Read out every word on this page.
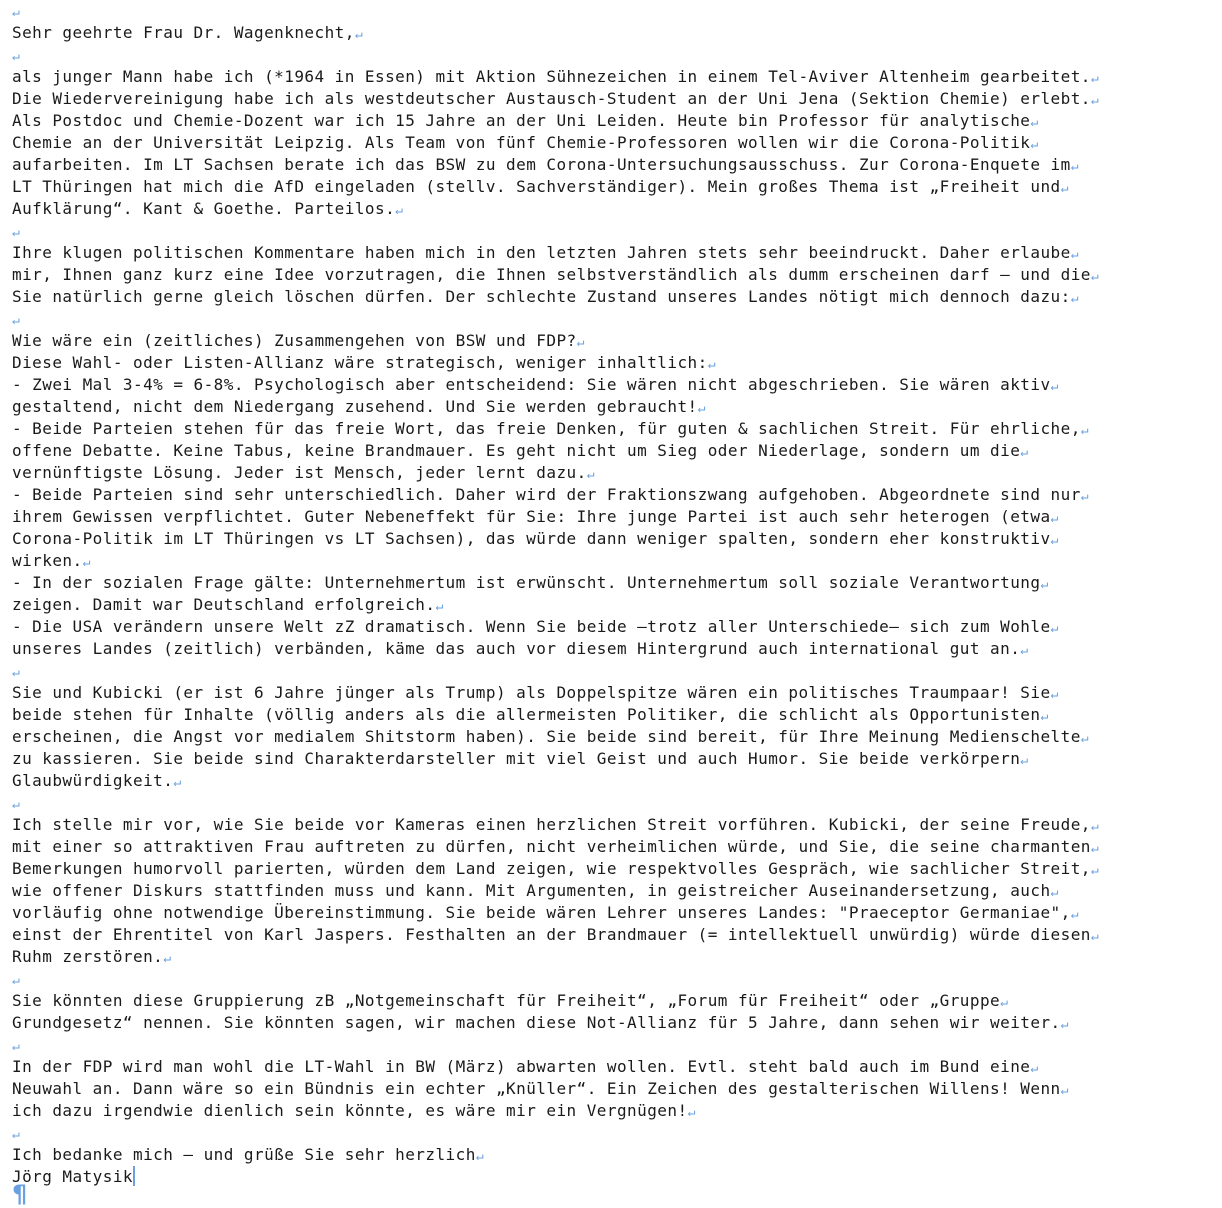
↵
Sehr geehrte Frau Dr. Wagenknecht,↵
↵
als junger Mann habe ich (*1964 in Essen) mit Aktion Sühnezeichen in einem Tel-Aviver Altenheim gearbeitet.↵
Die Wiedervereinigung habe ich als westdeutscher Austausch-Student an der Uni Jena (Sektion Chemie) erlebt.↵
Als Postdoc und Chemie-Dozent war ich 15 Jahre an der Uni Leiden. Heute bin Professor für analytische↵
Chemie an der Universität Leipzig. Als Team von fünf Chemie-Professoren wollen wir die Corona-Politik↵
aufarbeiten. Im LT Sachsen berate ich das BSW zu dem Corona-Untersuchungsausschuss. Zur Corona-Enquete im↵
LT Thüringen hat mich die AfD eingeladen (stellv. Sachverständiger). Mein großes Thema ist „Freiheit und↵
Aufklärung“. Kant & Goethe. Parteilos.↵
↵
Ihre klugen politischen Kommentare haben mich in den letzten Jahren stets sehr beeindruckt. Daher erlaube↵
mir, Ihnen ganz kurz eine Idee vorzutragen, die Ihnen selbstverständlich als dumm erscheinen darf – und die↵
Sie natürlich gerne gleich löschen dürfen. Der schlechte Zustand unseres Landes nötigt mich dennoch dazu:↵
↵
Wie wäre ein (zeitliches) Zusammengehen von BSW und FDP?↵
Diese Wahl- oder Listen-Allianz wäre strategisch, weniger inhaltlich:↵
- Zwei Mal 3-4% = 6-8%. Psychologisch aber entscheidend: Sie wären nicht abgeschrieben. Sie wären aktiv↵
gestaltend, nicht dem Niedergang zusehend. Und Sie werden gebraucht!↵
- Beide Parteien stehen für das freie Wort, das freie Denken, für guten & sachlichen Streit. Für ehrliche,↵
offene Debatte. Keine Tabus, keine Brandmauer. Es geht nicht um Sieg oder Niederlage, sondern um die↵
vernünftigste Lösung. Jeder ist Mensch, jeder lernt dazu.↵
- Beide Parteien sind sehr unterschiedlich. Daher wird der Fraktionszwang aufgehoben. Abgeordnete sind nur↵
ihrem Gewissen verpflichtet. Guter Nebeneffekt für Sie: Ihre junge Partei ist auch sehr heterogen (etwa↵
Corona-Politik im LT Thüringen vs LT Sachsen), das würde dann weniger spalten, sondern eher konstruktiv↵
wirken.↵
- In der sozialen Frage gälte: Unternehmertum ist erwünscht. Unternehmertum soll soziale Verantwortung↵
zeigen. Damit war Deutschland erfolgreich.↵
- Die USA verändern unsere Welt zZ dramatisch. Wenn Sie beide –trotz aller Unterschiede– sich zum Wohle↵
unseres Landes (zeitlich) verbänden, käme das auch vor diesem Hintergrund auch international gut an.↵
↵
Sie und Kubicki (er ist 6 Jahre jünger als Trump) als Doppelspitze wären ein politisches Traumpaar! Sie↵
beide stehen für Inhalte (völlig anders als die allermeisten Politiker, die schlicht als Opportunisten↵
erscheinen, die Angst vor medialem Shitstorm haben). Sie beide sind bereit, für Ihre Meinung Medienschelte↵
zu kassieren. Sie beide sind Charakterdarsteller mit viel Geist und auch Humor. Sie beide verkörpern↵
Glaubwürdigkeit.↵
↵
Ich stelle mir vor, wie Sie beide vor Kameras einen herzlichen Streit vorführen. Kubicki, der seine Freude,↵
mit einer so attraktiven Frau auftreten zu dürfen, nicht verheimlichen würde, und Sie, die seine charmanten↵
Bemerkungen humorvoll parierten, würden dem Land zeigen, wie respektvolles Gespräch, wie sachlicher Streit,↵
wie offener Diskurs stattfinden muss und kann. Mit Argumenten, in geistreicher Auseinandersetzung, auch↵
vorläufig ohne notwendige Übereinstimmung. Sie beide wären Lehrer unseres Landes: "Praeceptor Germaniae",↵
einst der Ehrentitel von Karl Jaspers. Festhalten an der Brandmauer (= intellektuell unwürdig) würde diesen↵
Ruhm zerstören.↵
↵
Sie könnten diese Gruppierung zB „Notgemeinschaft für Freiheit“, „Forum für Freiheit“ oder „Gruppe↵
Grundgesetz“ nennen. Sie könnten sagen, wir machen diese Not-Allianz für 5 Jahre, dann sehen wir weiter.↵
↵
In der FDP wird man wohl die LT-Wahl in BW (März) abwarten wollen. Evtl. steht bald auch im Bund eine↵
Neuwahl an. Dann wäre so ein Bündnis ein echter „Knüller“. Ein Zeichen des gestalterischen Willens! Wenn↵
ich dazu irgendwie dienlich sein könnte, es wäre mir ein Vergnügen!↵
↵
Ich bedanke mich – und grüße Sie sehr herzlich↵
Jörg Matysik
¶
